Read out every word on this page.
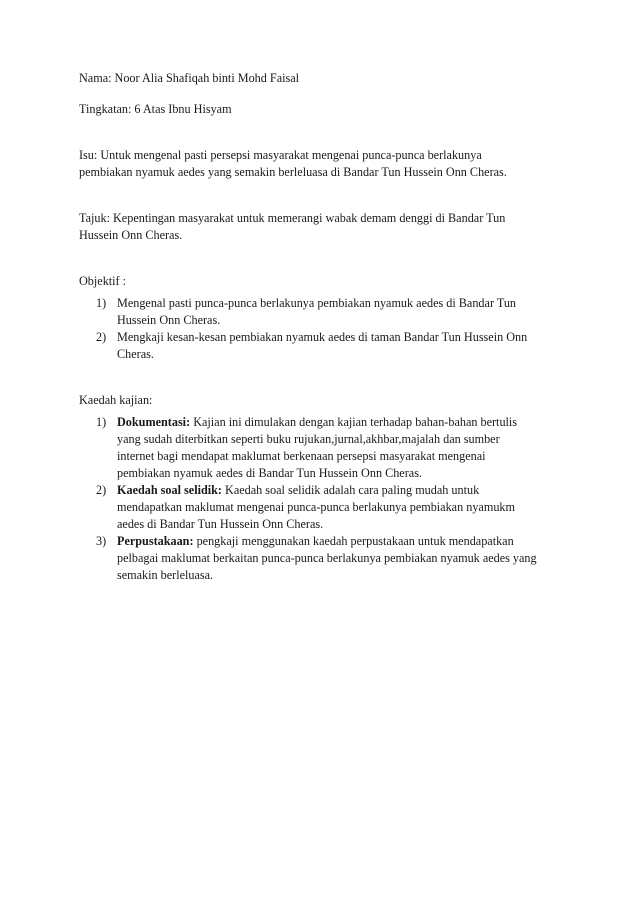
Nama: Noor Alia Shafiqah binti Mohd Faisal

Tingkatan: 6 Atas Ibnu Hisyam

Isu: Untuk mengenal pasti persepsi masyarakat mengenai punca-punca berlakunya

pembiakan nyamuk aedes yang semakin berleluasa di Bandar Tun Hussein Onn Cheras.

Tajuk: Kepentingan masyarakat untuk memerangi wabak demam denggi di Bandar Tun

Hussein Onn Cheras.

Objektif :

1) Mengenal pasti punca-punca berlakunya pembiakan nyamuk aedes di Bandar Tun
Hussein Onn Cheras.
2) Mengkaji kesan-kesan pembiakan nyamuk aedes di taman Bandar Tun Hussein Onn
Cheras.

Kaedah kajian:

1) Dokumentasi: Kajian ini dimulakan dengan kajian terhadap bahan-bahan bertulis
yang sudah diterbitkan seperti buku rujukan,jurnal,akhbar,majalah dan sumber
internet bagi mendapat maklumat berkenaan persepsi masyarakat mengenai
pembiakan nyamuk aedes di Bandar Tun Hussein Onn Cheras.
2) Kaedah soal selidik: Kaedah soal selidik adalah cara paling mudah untuk
mendapatkan maklumat mengenai punca-punca berlakunya pembiakan nyamukm
aedes di Bandar Tun Hussein Onn Cheras.
3) Perpustakaan: pengkaji menggunakan kaedah perpustakaan untuk mendapatkan
pelbagai maklumat berkaitan punca-punca berlakunya pembiakan nyamuk aedes yang
semakin berleluasa.
